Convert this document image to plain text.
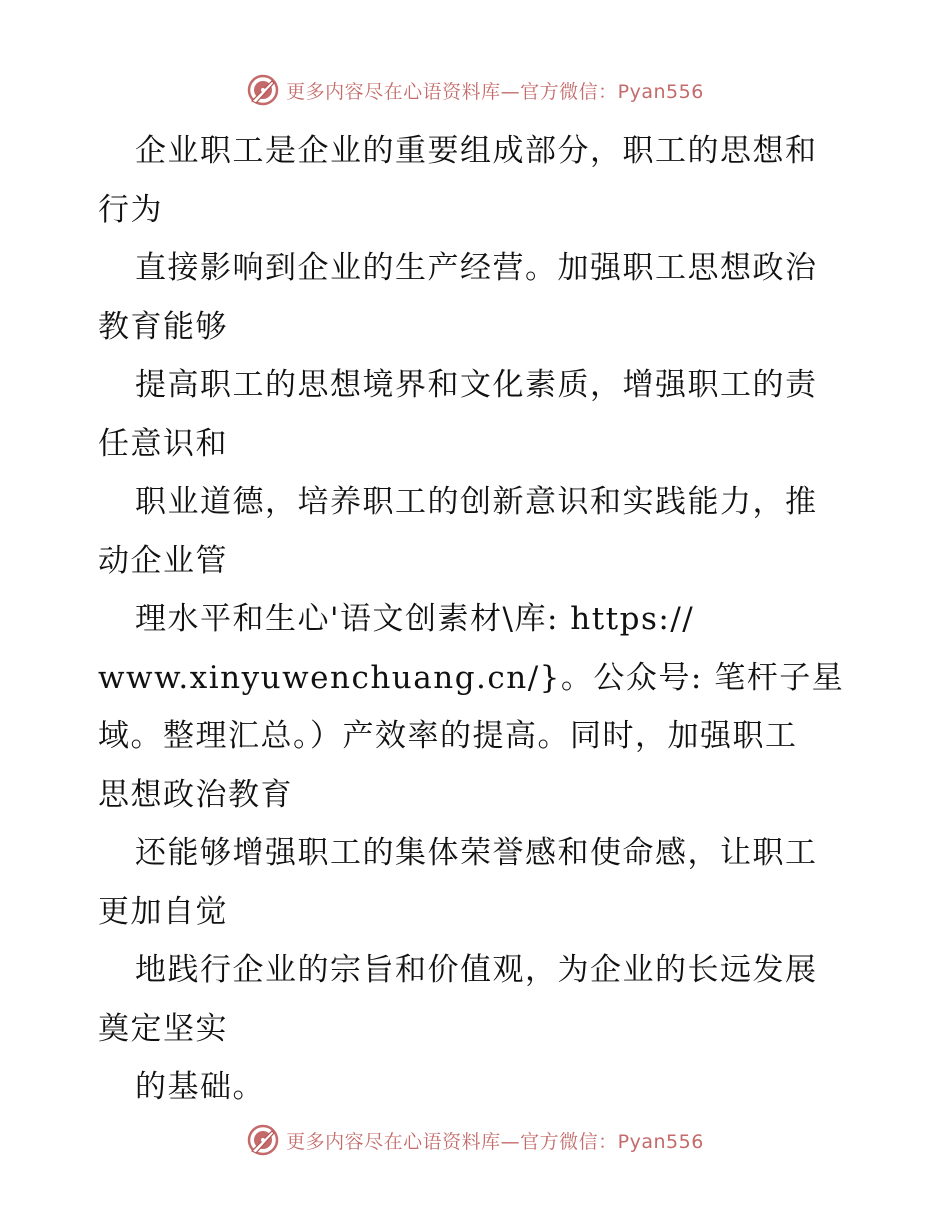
更多内容尽在心语资料库—官方微信：Pyan556
企业职工是企业的重要组成部分，职工的思想和
行为
直接影响到企业的生产经营。加强职工思想政治
教育能够
提高职工的思想境界和文化素质，增强职工的责
任意识和
职业道德，培养职工的创新意识和实践能力，推
动企业管
理水平和生心'语文创素材\库: https://
www.xinyuwenchuang.cn/}。公众号: 笔杆子星
域。整理汇总。）产效率的提高。同时，加强职工
思想政治教育
还能够增强职工的集体荣誉感和使命感，让职工
更加自觉
地践行企业的宗旨和价值观，为企业的长远发展
奠定坚实
的基础。
更多内容尽在心语资料库—官方微信：Pyan556
